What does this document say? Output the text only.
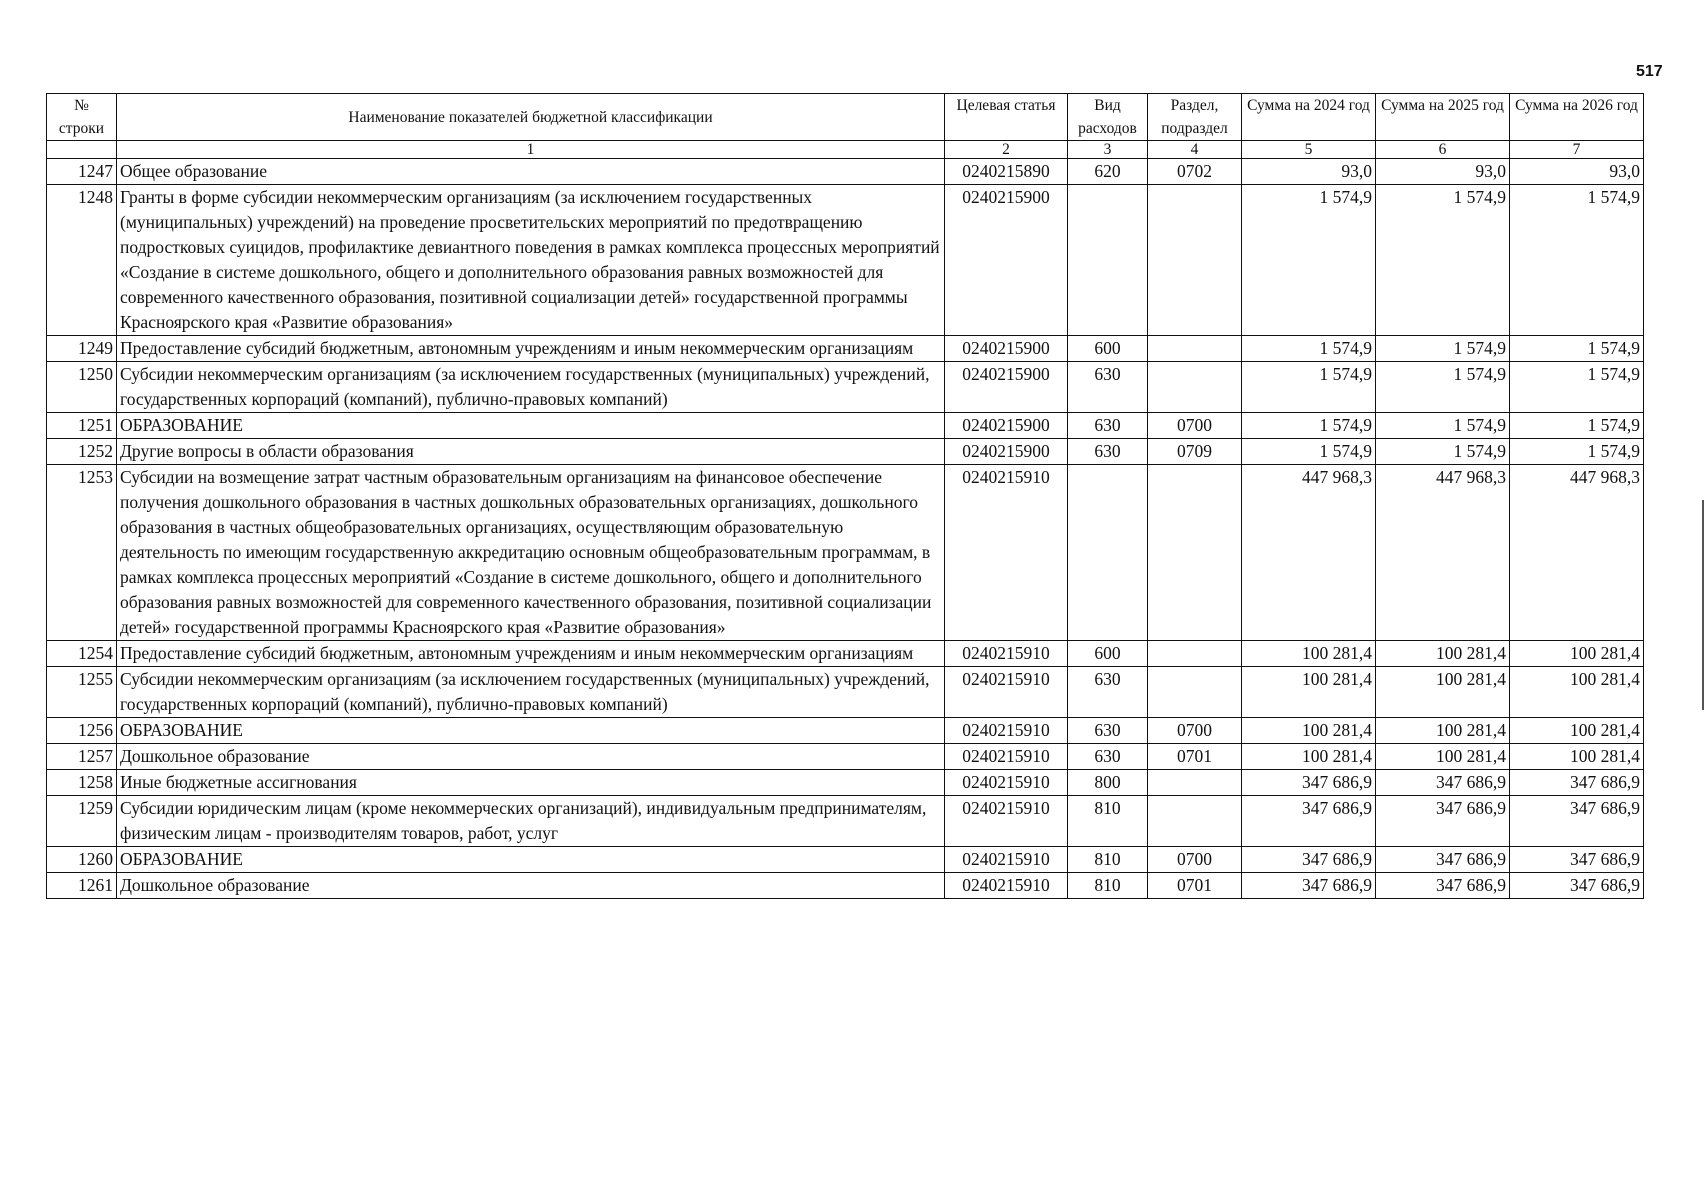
517
№ строки	Наименование показателей бюджетной классификации	Целевая статья	Вид расходов	Раздел, подраздел	Сумма на 2024 год	Сумма на 2025 год	Сумма на 2026 год
	1	2	3	4	5	6	7
1247	Общее образование	0240215890	620	0702	93,0	93,0	93,0
1248	Гранты в форме субсидии некоммерческим организациям (за исключением государственных (муниципальных) учреждений) на проведение просветительских мероприятий по предотвращению подростковых суицидов, профилактике девиантного поведения в рамках комплекса процессных мероприятий «Создание в системе дошкольного, общего и дополнительного образования равных возможностей для современного качественного образования, позитивной социализации детей» государственной программы Красноярского края «Развитие образования»	0240215900			1 574,9	1 574,9	1 574,9
1249	Предоставление субсидий бюджетным, автономным учреждениям и иным некоммерческим организациям	0240215900	600		1 574,9	1 574,9	1 574,9
1250	Субсидии некоммерческим организациям (за исключением государственных (муниципальных) учреждений, государственных корпораций (компаний), публично-правовых компаний)	0240215900	630		1 574,9	1 574,9	1 574,9
1251	ОБРАЗОВАНИЕ	0240215900	630	0700	1 574,9	1 574,9	1 574,9
1252	Другие вопросы в области образования	0240215900	630	0709	1 574,9	1 574,9	1 574,9
1253	Субсидии на возмещение затрат частным образовательным организациям на финансовое обеспечение получения дошкольного образования в частных дошкольных образовательных организациях, дошкольного образования в частных общеобразовательных организациях, осуществляющим образовательную деятельность по имеющим государственную аккредитацию основным общеобразовательным программам, в рамках комплекса процессных мероприятий «Создание в системе дошкольного, общего и дополнительного образования равных возможностей для современного качественного образования, позитивной социализации детей» государственной программы Красноярского края «Развитие образования»	0240215910			447 968,3	447 968,3	447 968,3
1254	Предоставление субсидий бюджетным, автономным учреждениям и иным некоммерческим организациям	0240215910	600		100 281,4	100 281,4	100 281,4
1255	Субсидии некоммерческим организациям (за исключением государственных (муниципальных) учреждений, государственных корпораций (компаний), публично-правовых компаний)	0240215910	630		100 281,4	100 281,4	100 281,4
1256	ОБРАЗОВАНИЕ	0240215910	630	0700	100 281,4	100 281,4	100 281,4
1257	Дошкольное образование	0240215910	630	0701	100 281,4	100 281,4	100 281,4
1258	Иные бюджетные ассигнования	0240215910	800		347 686,9	347 686,9	347 686,9
1259	Субсидии юридическим лицам (кроме некоммерческих организаций), индивидуальным предпринимателям, физическим лицам - производителям товаров, работ, услуг	0240215910	810		347 686,9	347 686,9	347 686,9
1260	ОБРАЗОВАНИЕ	0240215910	810	0700	347 686,9	347 686,9	347 686,9
1261	Дошкольное образование	0240215910	810	0701	347 686,9	347 686,9	347 686,9
